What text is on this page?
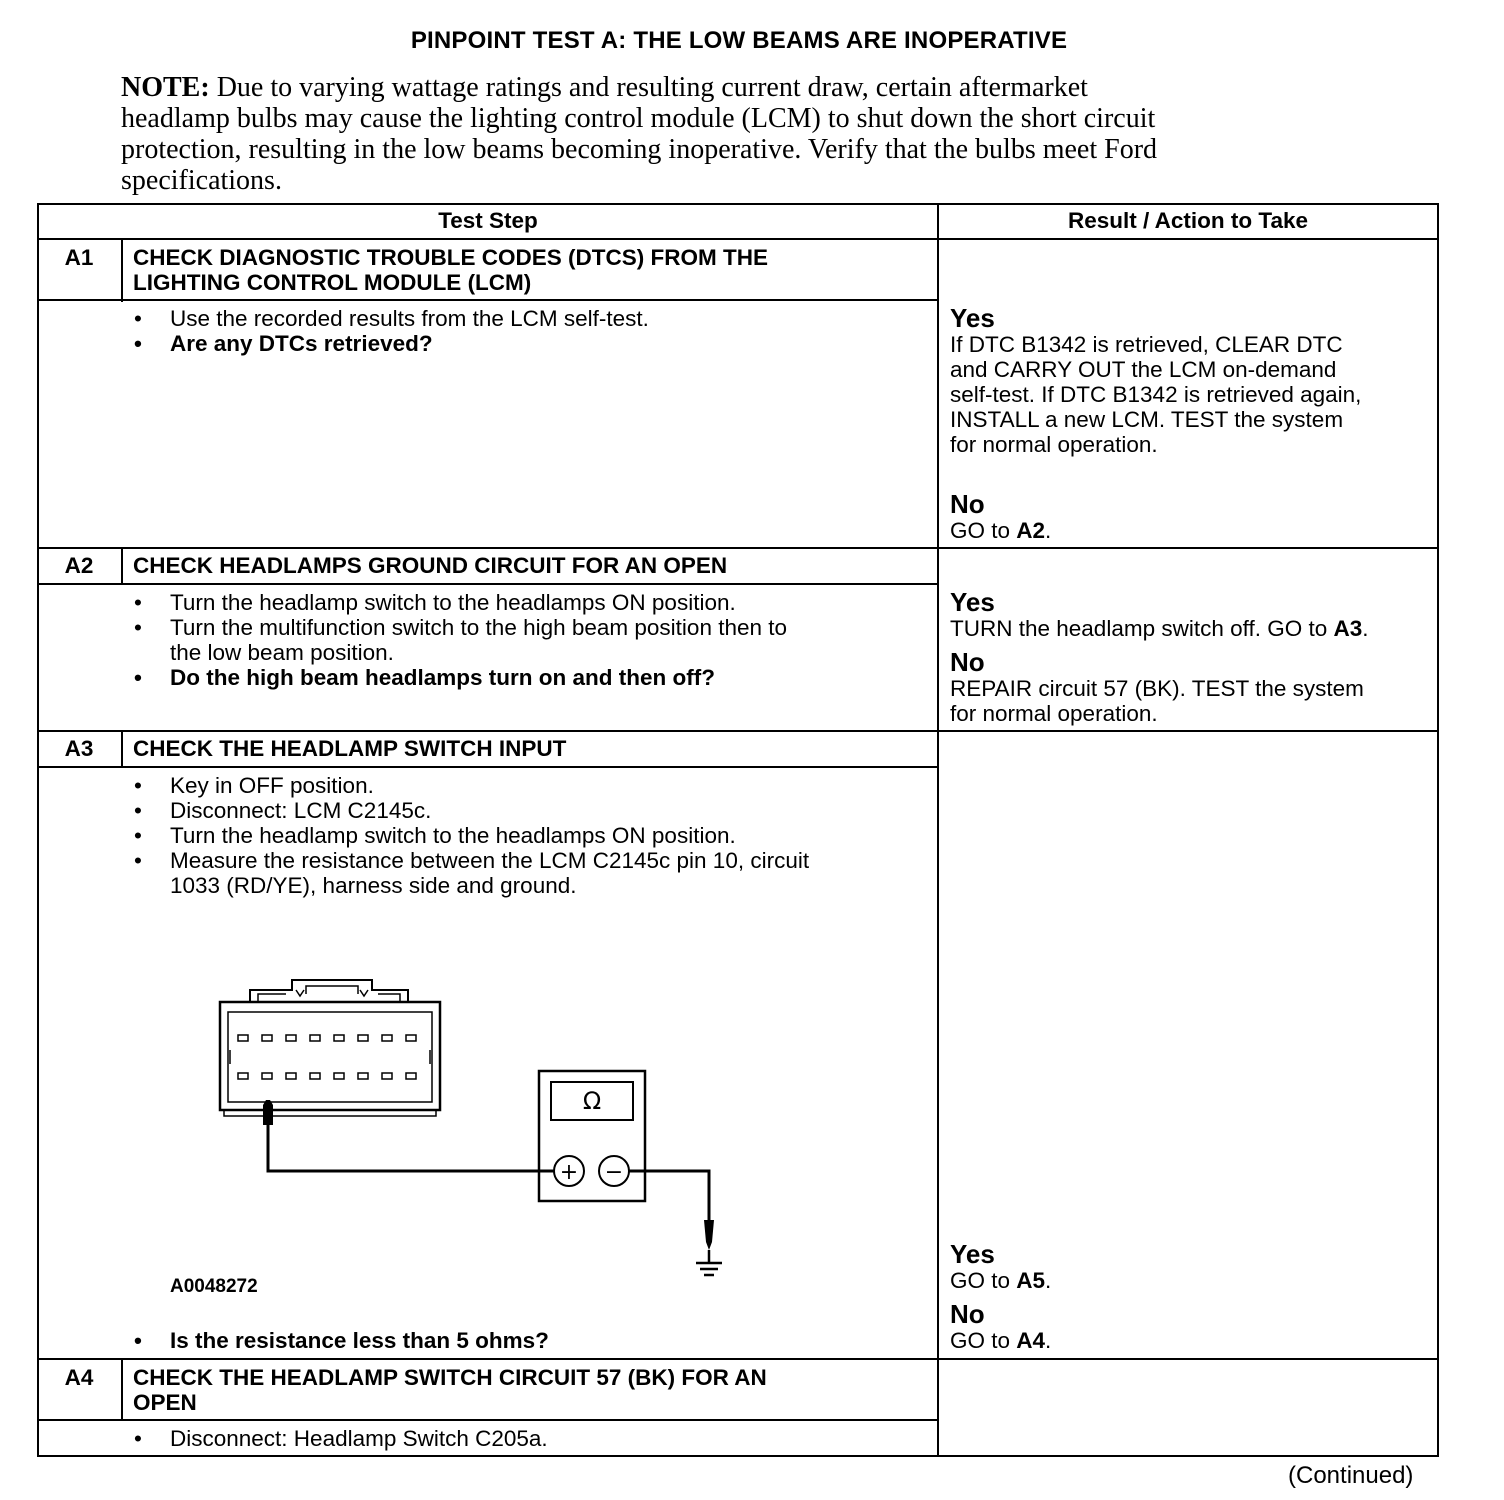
PINPOINT TEST A: THE LOW BEAMS ARE INOPERATIVE
NOTE: Due to varying wattage ratings and resulting current draw, certain aftermarket
headlamp bulbs may cause the lighting control module (LCM) to shut down the short circuit
protection, resulting in the low beams becoming inoperative. Verify that the bulbs meet Ford
specifications.
Test Step	Result / Action to Take
A1	CHECK DIAGNOSTIC TROUBLE CODES (DTCS) FROM THE
LIGHTING CONTROL MODULE (LCM)
• Use the recorded results from the LCM self-test.
• Are any DTCs retrieved?
Yes
If DTC B1342 is retrieved, CLEAR DTC
and CARRY OUT the LCM on-demand
self-test. If DTC B1342 is retrieved again,
INSTALL a new LCM. TEST the system
for normal operation.
No
GO to A2.
A2	CHECK HEADLAMPS GROUND CIRCUIT FOR AN OPEN
• Turn the headlamp switch to the headlamps ON position.
• Turn the multifunction switch to the high beam position then to
the low beam position.
• Do the high beam headlamps turn on and then off?
Yes
TURN the headlamp switch off. GO to A3.
No
REPAIR circuit 57 (BK). TEST the system
for normal operation.
A3	CHECK THE HEADLAMP SWITCH INPUT
• Key in OFF position.
• Disconnect: LCM C2145c.
• Turn the headlamp switch to the headlamps ON position.
• Measure the resistance between the LCM C2145c pin 10, circuit
1033 (RD/YE), harness side and ground.
Ω
+ −
A0048272
• Is the resistance less than 5 ohms?
Yes
GO to A5.
No
GO to A4.
A4	CHECK THE HEADLAMP SWITCH CIRCUIT 57 (BK) FOR AN
OPEN
• Disconnect: Headlamp Switch C205a.
(Continued)
